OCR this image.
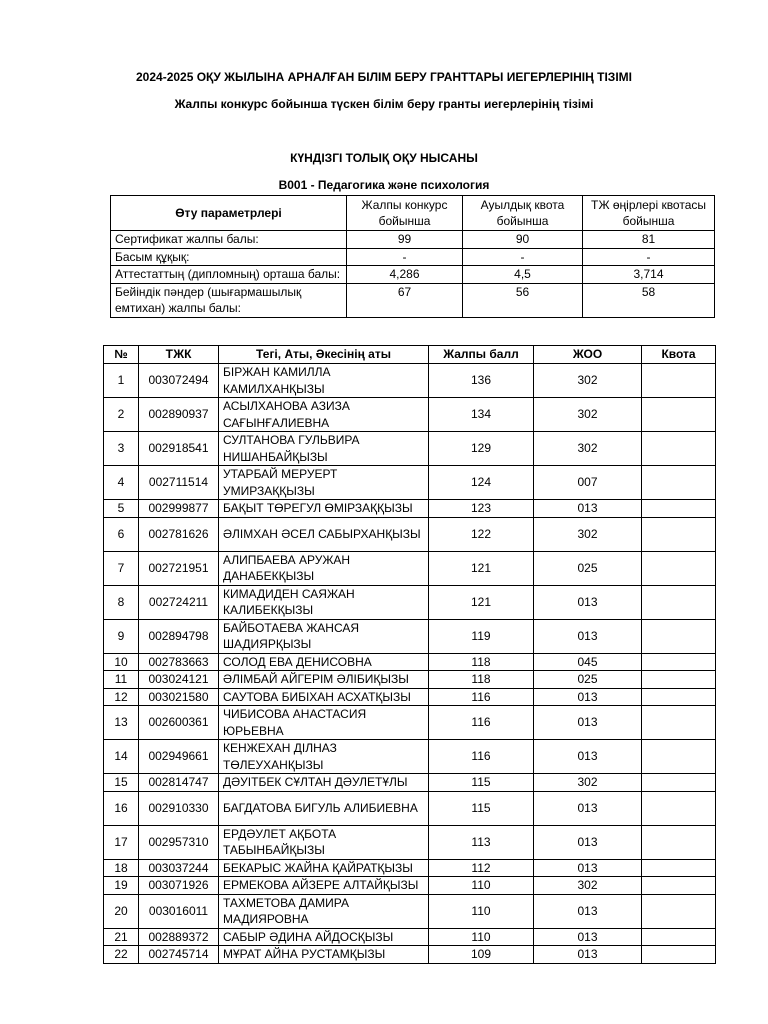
2024-2025 ОҚУ ЖЫЛЫНА АРНАЛҒАН БІЛІМ БЕРУ ГРАНТТАРЫ ИЕГЕРЛЕРІНІҢ ТІЗІМІ

Жалпы конкурс бойынша түскен білім беру гранты иегерлерінің тізімі

КҮНДІЗГІ ТОЛЫҚ ОҚУ НЫСАНЫ

B001 - Педагогика және психология

Өту параметрлері	Жалпы конкурс бойынша	Ауылдық квота бойынша	ТЖ өңірлері квотасы бойынша
Сертификат жалпы балы:	99	90	81
Басым құқық:	-	-	-
Аттестаттың (дипломның) орташа балы:	4,286	4,5	3,714
Бейіндік пәндер (шығармашылық емтихан) жалпы балы:	67	56	58
№	ТЖК	Тегі, Аты, Әкесінің аты	Жалпы балл	ЖОО	Квота
1	003072494	БІРЖАН КАМИЛЛА КАМИЛХАНҚЫЗЫ	136	302	
2	002890937	АСЫЛХАНОВА АЗИЗА САҒЫНҒАЛИЕВНА	134	302	
3	002918541	СУЛТАНОВА ГУЛЬВИРА НИШАНБАЙҚЫЗЫ	129	302	
4	002711514	УТАРБАЙ МЕРУЕРТ УМИРЗАҚҚЫЗЫ	124	007	
5	002999877	БАҚЫТ ТӨРЕГУЛ ӨМІРЗАҚҚЫЗЫ	123	013	
6	002781626	ӘЛІМХАН ӘСЕЛ САБЫРХАНҚЫЗЫ	122	302	
7	002721951	АЛИПБАЕВА АРУЖАН ДАНАБЕКҚЫЗЫ	121	025	
8	002724211	КИМАДИДЕН САЯЖАН КАЛИБЕКҚЫЗЫ	121	013	
9	002894798	БАЙБОТАЕВА ЖАНСАЯ ШАДИЯРҚЫЗЫ	119	013	
10	002783663	СОЛОД ЕВА ДЕНИСОВНА	118	045	
11	003024121	ӘЛІМБАЙ АЙГЕРІМ ӘЛІБИҚЫЗЫ	118	025	
12	003021580	САУТОВА БИБІХАН АСХАТҚЫЗЫ	116	013	
13	002600361	ЧИБИСОВА АНАСТАСИЯ ЮРЬЕВНА	116	013	
14	002949661	КЕНЖЕХАН ДІЛНАЗ ТӨЛЕУХАНҚЫЗЫ	116	013	
15	002814747	ДӘУІТБЕК СҰЛТАН ДӘУЛЕТҰЛЫ	115	302	
16	002910330	БАГДАТОВА БИГУЛЬ АЛИБИЕВНА	115	013	
17	002957310	ЕРДӘУЛЕТ АҚБОТА ТАБЫНБАЙҚЫЗЫ	113	013	
18	003037244	БЕКАРЫС ЖАЙНА ҚАЙРАТҚЫЗЫ	112	013	
19	003071926	ЕРМЕКОВА АЙЗЕРЕ АЛТАЙҚЫЗЫ	110	302	
20	003016011	ТАХМЕТОВА ДАМИРА МАДИЯРОВНА	110	013	
21	002889372	САБЫР ӘДИНА АЙДОСҚЫЗЫ	110	013	
22	002745714	МҰРАТ АЙНА РУСТАМҚЫЗЫ	109	013	
